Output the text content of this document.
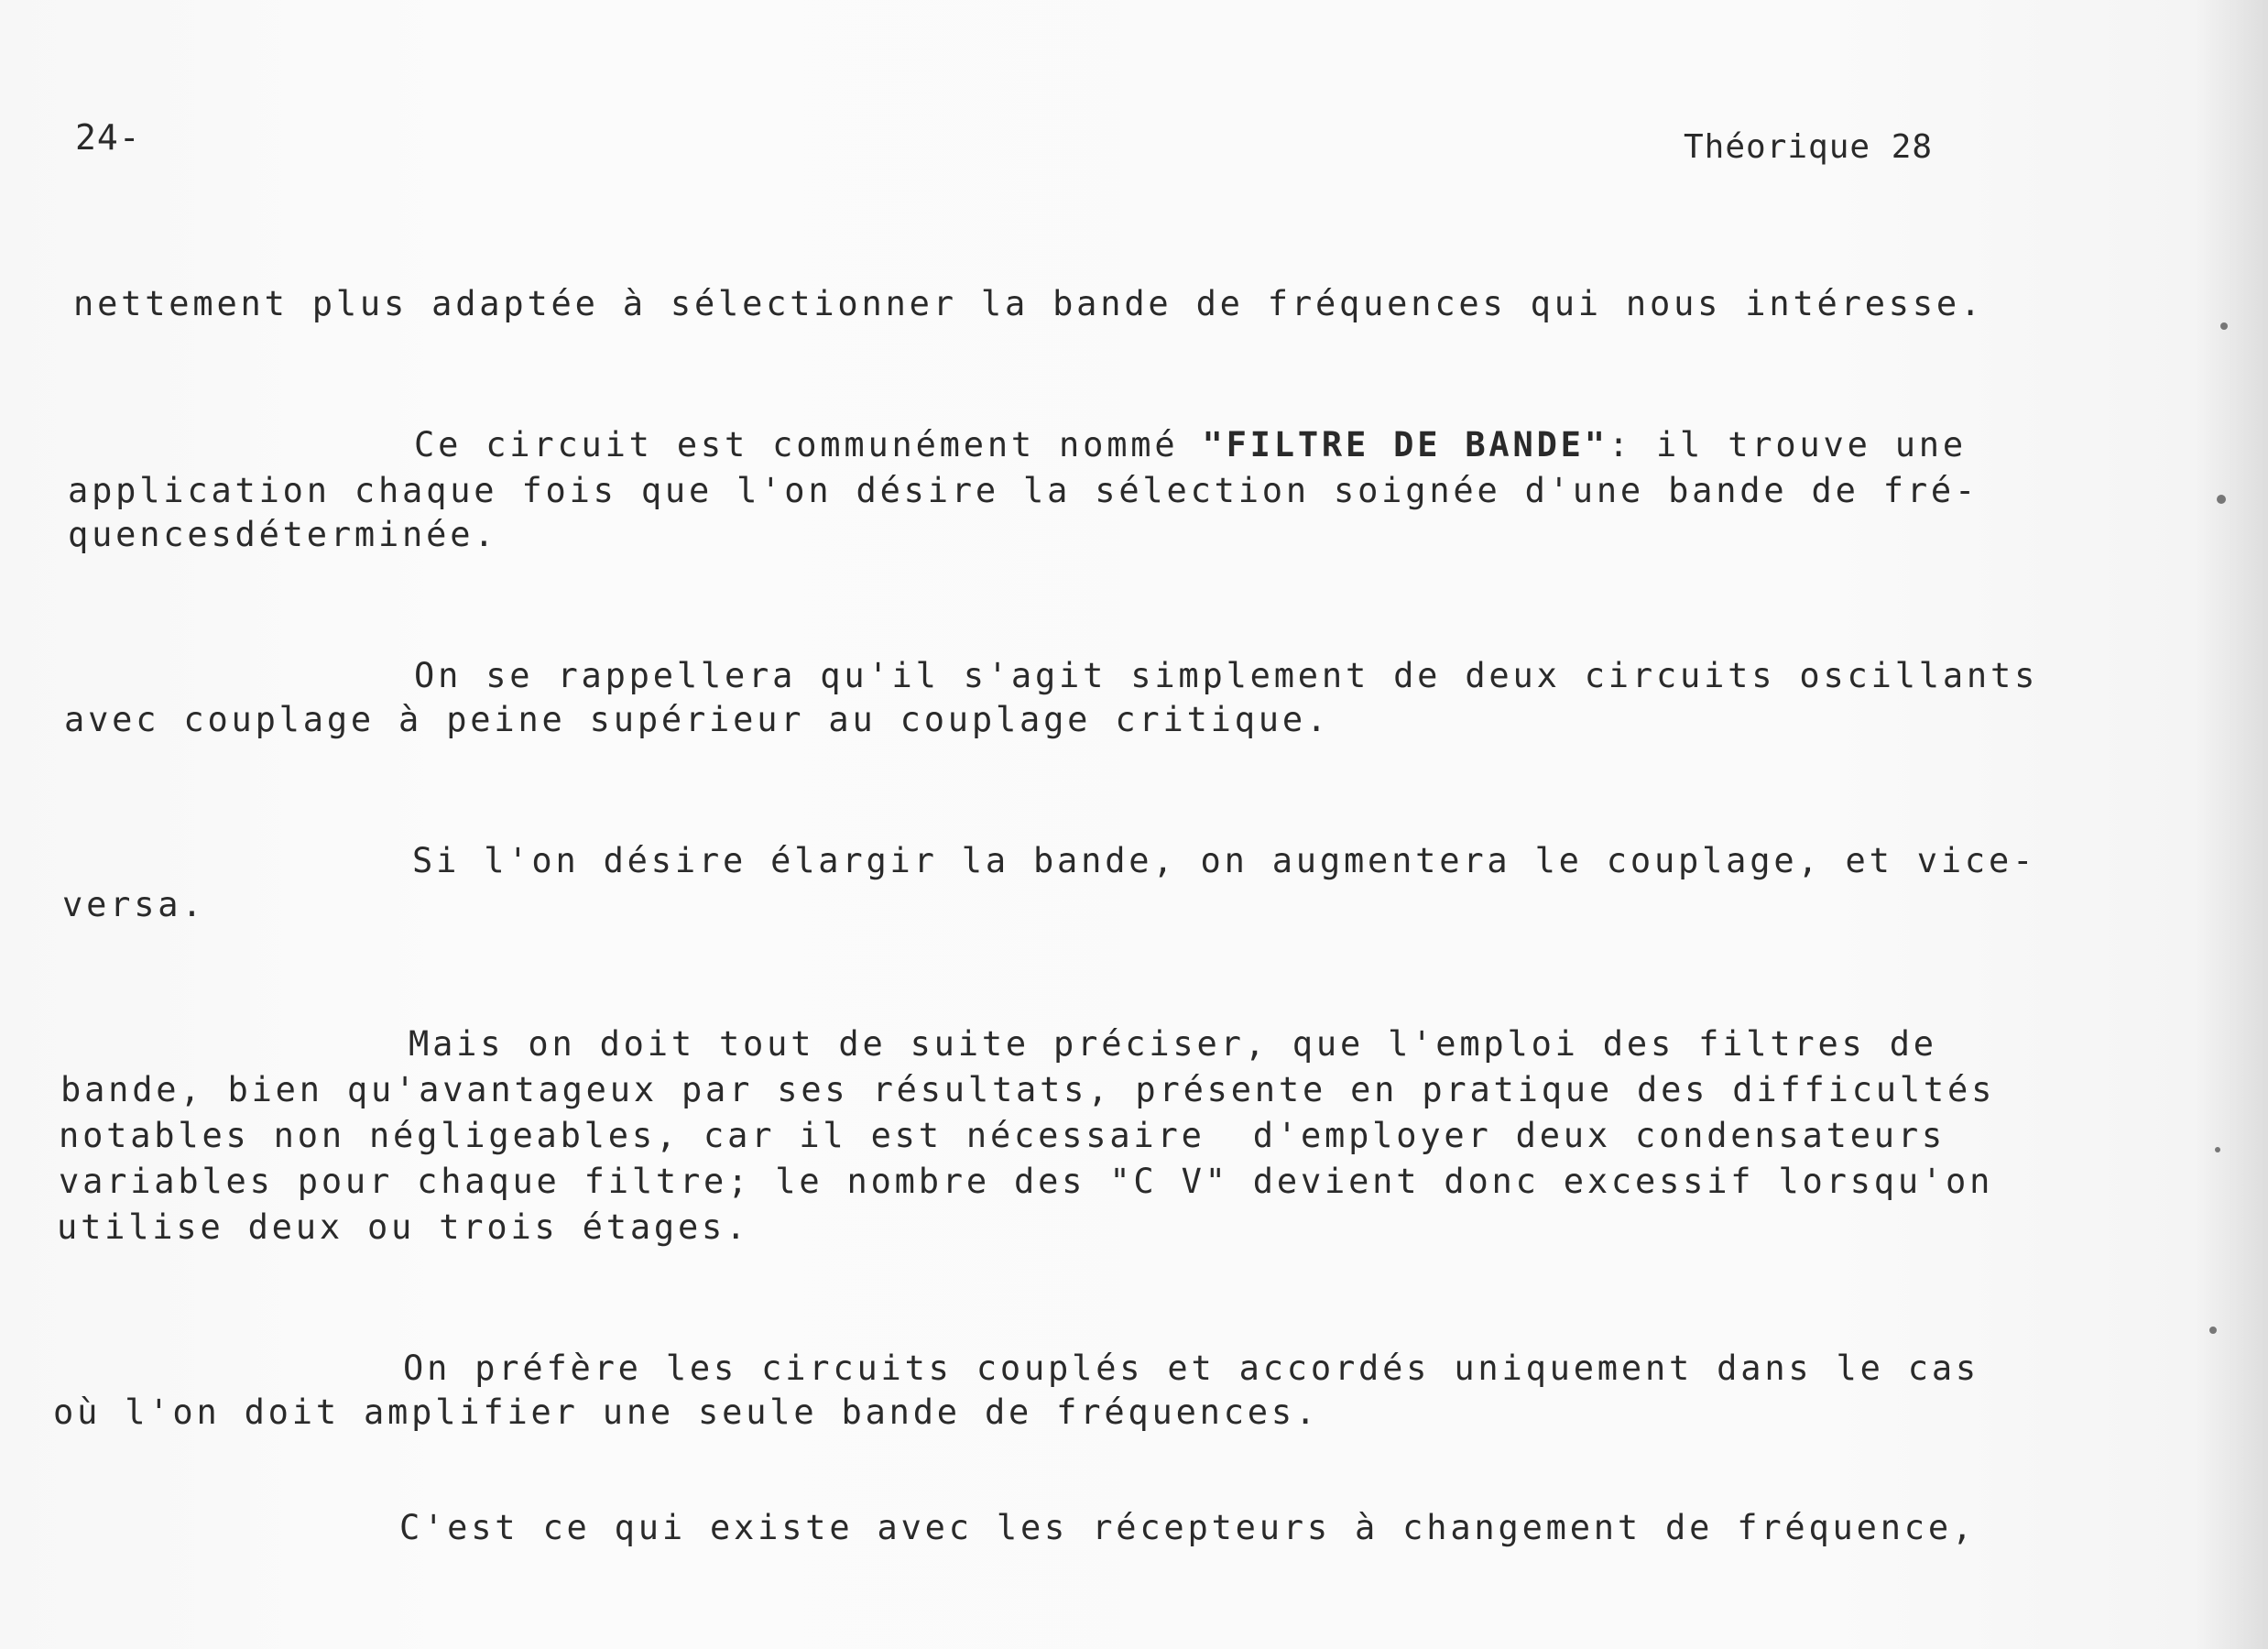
24-	Théorique 28
nettement plus adaptée à sélectionner la bande de fréquences qui nous intéresse.
Ce circuit est communément nommé "FILTRE DE BANDE": il trouve une
application chaque fois que l'on désire la sélection soignée d'une bande de fré-
quencesdéterminée.
On se rappellera qu'il s'agit simplement de deux circuits oscillants
avec couplage à peine supérieur au couplage critique.
Si l'on désire élargir la bande, on augmentera le couplage, et vice-
versa.
Mais on doit tout de suite préciser, que l'emploi des filtres de
bande, bien qu'avantageux par ses résultats, présente en pratique des difficultés
notables non négligeables, car il est nécessaire  d'employer deux condensateurs
variables pour chaque filtre; le nombre des "C V" devient donc excessif lorsqu'on
utilise deux ou trois étages.
On préfère les circuits couplés et accordés uniquement dans le cas
où l'on doit amplifier une seule bande de fréquences.
C'est ce qui existe avec les récepteurs à changement de fréquence,
